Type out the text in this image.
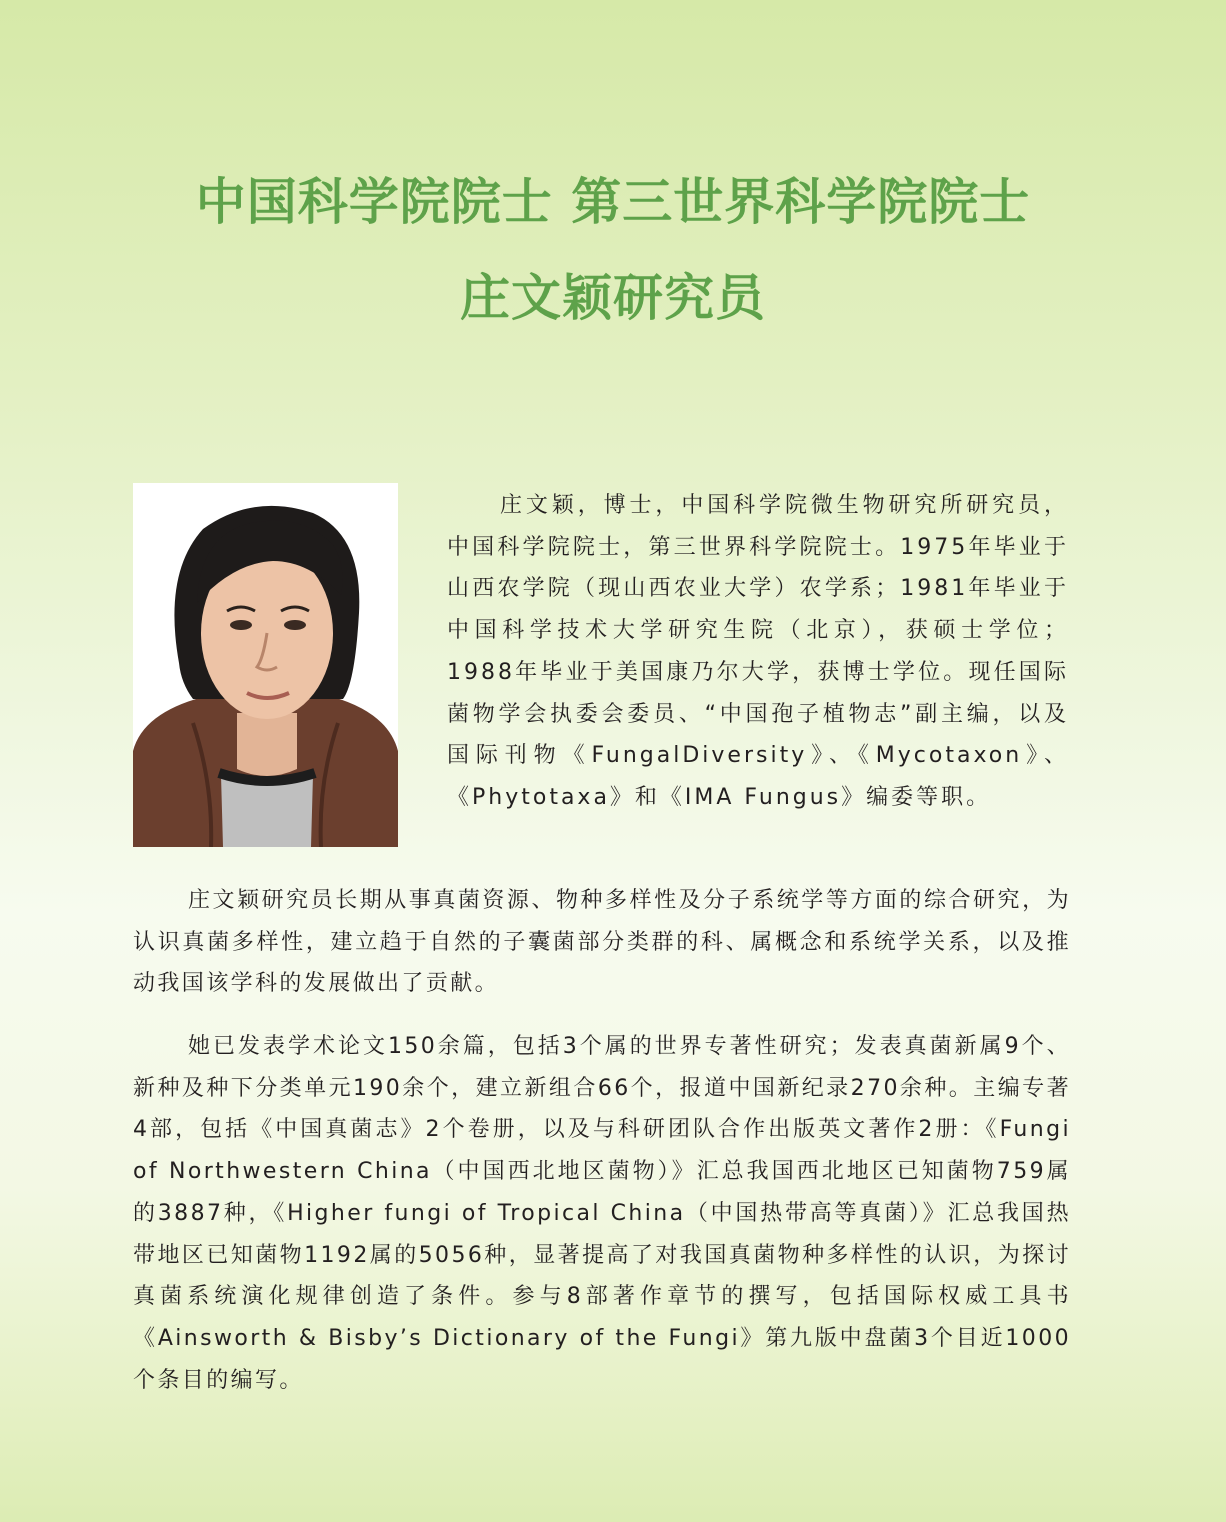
中国科学院院士 第三世界科学院院士
庄文颖研究员

庄文颖，博士，中国科学院微生物研究所研究员，中国科学院院士，第三世界科学院院士。1975年毕业于山西农学院（现山西农业大学）农学系；1981年毕业于中国科学技术大学研究生院（北京），获硕士学位；1988年毕业于美国康乃尔大学，获博士学位。现任国际菌物学会执委会委员、“中国孢子植物志”副主编，以及国际刊物《FungalDiversity》、《Mycotaxon》、《Phytotaxa》和《IMA Fungus》编委等职。

庄文颖研究员长期从事真菌资源、物种多样性及分子系统学等方面的综合研究，为认识真菌多样性，建立趋于自然的子囊菌部分类群的科、属概念和系统学关系，以及推动我国该学科的发展做出了贡献。

她已发表学术论文150余篇，包括3个属的世界专著性研究；发表真菌新属9个、新种及种下分类单元190余个，建立新组合66个，报道中国新纪录270余种。主编专著4部，包括《中国真菌志》2个卷册，以及与科研团队合作出版英文著作2册：《Fungi of Northwestern China（中国西北地区菌物）》汇总我国西北地区已知菌物759属的3887种，《Higher fungi of Tropical China（中国热带高等真菌）》汇总我国热带地区已知菌物1192属的5056种，显著提高了对我国真菌物种多样性的认识，为探讨真菌系统演化规律创造了条件。参与8部著作章节的撰写，包括国际权威工具书《Ainsworth & Bisby’s Dictionary of the Fungi》第九版中盘菌3个目近1000个条目的编写。
